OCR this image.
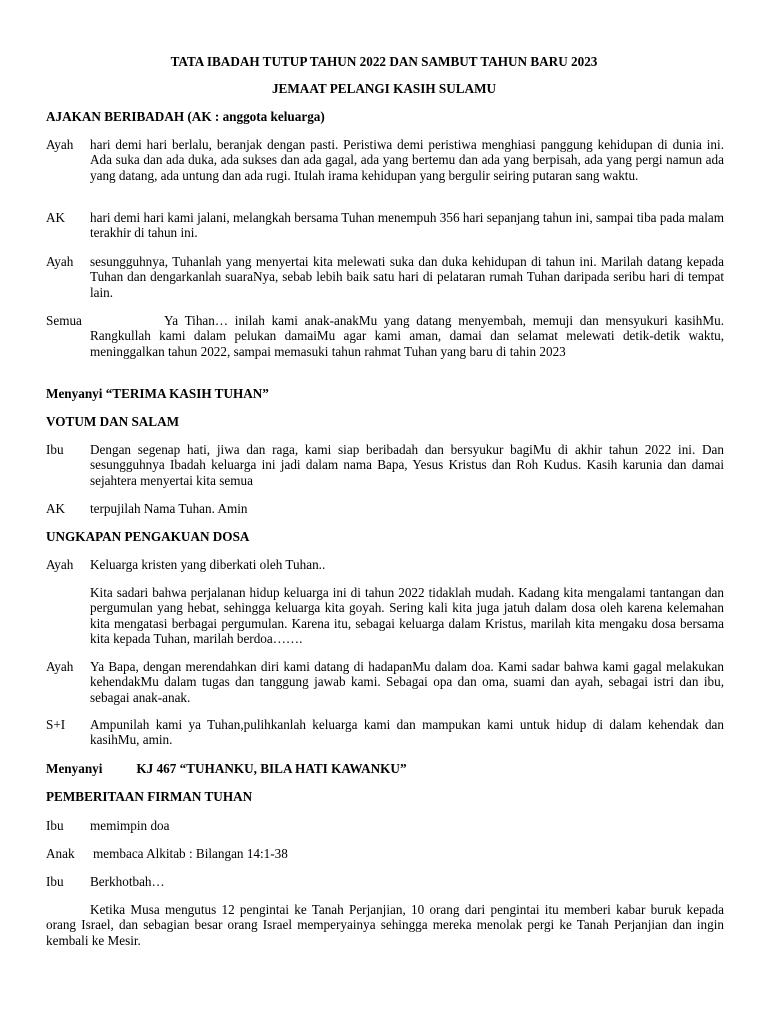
TATA IBADAH TUTUP TAHUN 2022 DAN SAMBUT TAHUN BARU 2023
JEMAAT PELANGI KASIH SULAMU
AJAKAN BERIBADAH (AK : anggota keluarga)
Ayah hari demi hari berlalu, beranjak dengan pasti. Peristiwa demi peristiwa menghiasi panggung kehidupan di dunia ini. Ada suka dan ada duka, ada sukses dan ada gagal, ada yang bertemu dan ada yang berpisah, ada yang pergi namun ada yang datang, ada untung dan ada rugi. Itulah irama kehidupan yang bergulir seiring putaran sang waktu.
AK hari demi hari kami jalani, melangkah bersama Tuhan menempuh 356 hari sepanjang tahun ini, sampai tiba pada malam terakhir di tahun ini.
Ayah sesungguhnya, Tuhanlah yang menyertai kita melewati suka dan duka kehidupan di tahun ini. Marilah datang kepada Tuhan dan dengarkanlah suaraNya, sebab lebih baik satu hari di pelataran rumah Tuhan daripada seribu hari di tempat lain.
Semua	Ya Tihan… inilah kami anak-anakMu yang datang menyembah, memuji dan mensyukuri kasihMu. Rangkullah kami dalam pelukan damaiMu agar kami aman, damai dan selamat melewati detik-detik waktu, meninggalkan tahun 2022, sampai memasuki tahun rahmat Tuhan yang baru di tahin 2023
Menyanyi “TERIMA KASIH TUHAN”
VOTUM DAN SALAM
Ibu Dengan segenap hati, jiwa dan raga, kami siap beribadah dan bersyukur bagiMu di akhir tahun 2022 ini. Dan sesungguhnya Ibadah keluarga ini jadi dalam nama Bapa, Yesus Kristus dan Roh Kudus. Kasih karunia dan damai sejahtera menyertai kita semua
AK terpujilah Nama Tuhan. Amin
UNGKAPAN PENGAKUAN DOSA
Ayah Keluarga kristen yang diberkati oleh Tuhan..
Kita sadari bahwa perjalanan hidup keluarga ini di tahun 2022 tidaklah mudah. Kadang kita mengalami tantangan dan pergumulan yang hebat, sehingga keluarga kita goyah. Sering kali kita juga jatuh dalam dosa oleh karena kelemahan kita mengatasi berbagai pergumulan. Karena itu, sebagai keluarga dalam Kristus, marilah kita mengaku dosa bersama kita kepada Tuhan, marilah berdoa…….
Ayah Ya Bapa, dengan merendahkan diri kami datang di hadapanMu dalam doa. Kami sadar bahwa kami gagal melakukan kehendakMu dalam tugas dan tanggung jawab kami. Sebagai opa dan oma, suami dan ayah, sebagai istri dan ibu, sebagai anak-anak.
S+I Ampunilah kami ya Tuhan,pulihkanlah keluarga kami dan mampukan kami untuk hidup di dalam kehendak dan kasihMu, amin.
Menyanyi	KJ 467 “TUHANKU, BILA HATI KAWANKU”
PEMBERITAAN FIRMAN TUHAN
Ibu memimpin doa
Anak membaca Alkitab : Bilangan 14:1-38
Ibu Berkhotbah…
Ketika Musa mengutus 12 pengintai ke Tanah Perjanjian, 10 orang dari pengintai itu memberi kabar buruk kepada orang Israel, dan sebagian besar orang Israel memperyainya sehingga mereka menolak pergi ke Tanah Perjanjian dan ingin kembali ke Mesir.
